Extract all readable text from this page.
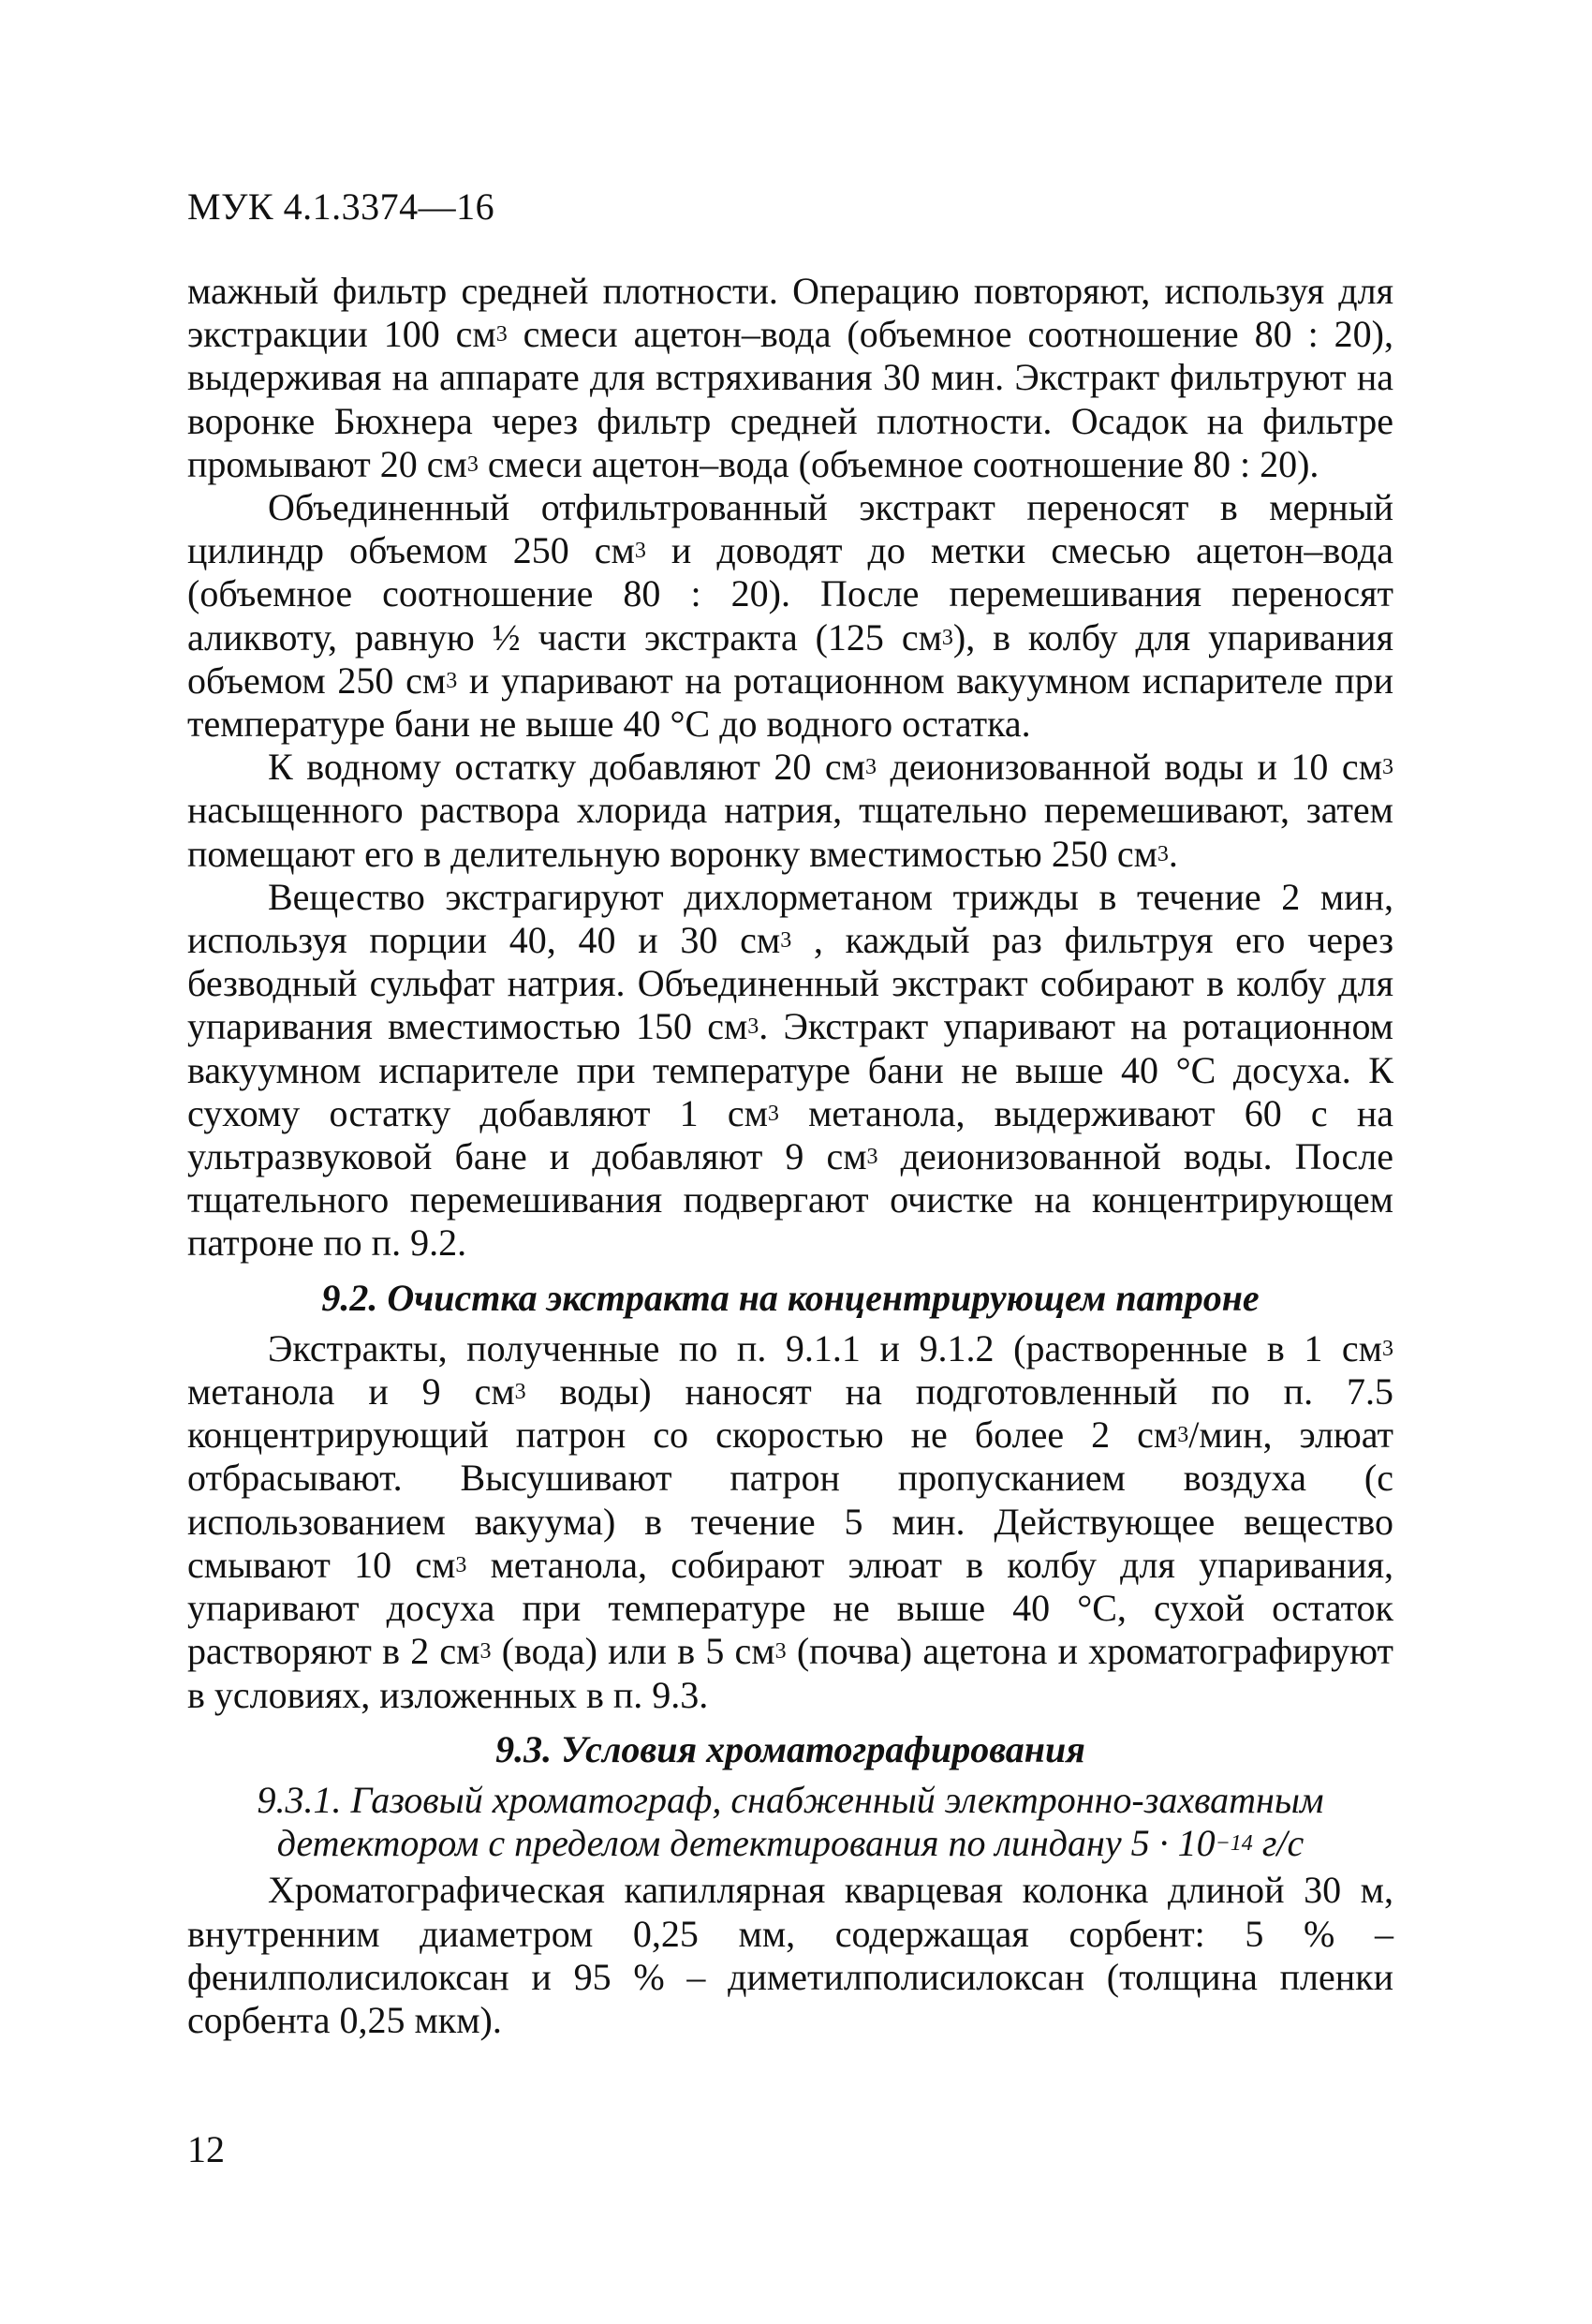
МУК 4.1.3374—16

мажный фильтр средней плотности. Операцию повторяют, используя для экстракции 100 $см^3$ смеси ацетон–вода (объемное соотношение 80 : 20), выдерживая на аппарате для встряхивания 30 мин. Экстракт фильтруют на воронке Бюхнера через фильтр средней плотности. Осадок на фильтре промывают 20 $см^3$ смеси ацетон–вода (объемное соотношение 80 : 20).

Объединенный отфильтрованный экстракт переносят в мерный цилиндр объемом 250 $см^3$ и доводят до метки смесью ацетон–вода (объемное соотношение 80 : 20). После перемешивания переносят аликвоту, равную ½ части экстракта (125 $см^3$), в колбу для упаривания объемом 250 $см^3$ и упаривают на ротационном вакуумном испарителе при температуре бани не выше 40 °С до водного остатка.

К водному остатку добавляют 20 $см^3$ деионизованной воды и 10 $см^3$ насыщенного раствора хлорида натрия, тщательно перемешивают, затем помещают его в делительную воронку вместимостью 250 $см^3$.

Вещество экстрагируют дихлорметаном трижды в течение 2 мин, используя порции 40, 40 и 30 $см^3$ , каждый раз фильтруя его через безводный сульфат натрия. Объединенный экстракт собирают в колбу для упаривания вместимостью 150 $см^3$. Экстракт упаривают на ротационном вакуумном испарителе при температуре бани не выше 40 °С досуха. К сухому остатку добавляют 1 $см^3$ метанола, выдерживают 60 с на ультразвуковой бане и добавляют 9 $см^3$ деионизованной воды. После тщательного перемешивания подвергают очистке на концентрирующем патроне по п. 9.2.

9.2. Очистка экстракта на концентрирующем патроне

Экстракты, полученные по п. 9.1.1 и 9.1.2 (растворенные в 1 $см^3$ метанола и 9 $см^3$ воды) наносят на подготовленный по п. 7.5 концентрирующий патрон со скоростью не более 2 $см^3$/мин, элюат отбрасывают. Высушивают патрон пропусканием воздуха (с использованием вакуума) в течение 5 мин. Действующее вещество смывают 10 $см^3$ метанола, собирают элюат в колбу для упаривания, упаривают досуха при температуре не выше 40 °С, сухой остаток растворяют в 2 $см^3$ (вода) или в 5 $см^3$ (почва) ацетона и хроматографируют в условиях, изложенных в п. 9.3.

9.3. Условия хроматографирования

9.3.1. Газовый хроматограф, снабженный электронно-захватным детектором с пределом детектирования по линдану $5 \cdot 10^{-14}$ г/с

Хроматографическая капиллярная кварцевая колонка длиной 30 м, внутренним диаметром 0,25 мм, содержащая сорбент: 5 % – фенилполисилоксан и 95 % – диметилполисилоксан (толщина пленки сорбента 0,25 мкм).

12
